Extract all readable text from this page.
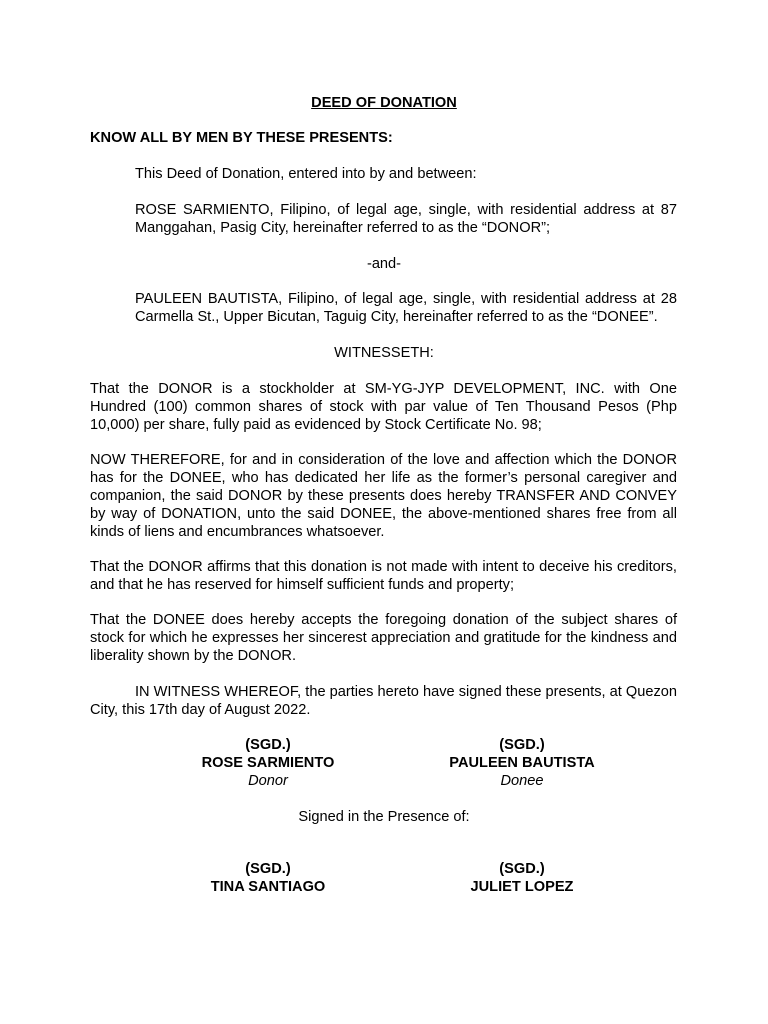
DEED OF DONATION
KNOW ALL BY MEN BY THESE PRESENTS:
This Deed of Donation, entered into by and between:
ROSE SARMIENTO, Filipino, of legal age, single, with residential address at 87 Manggahan, Pasig City, hereinafter referred to as the “DONOR”;
-and-
PAULEEN BAUTISTA, Filipino, of legal age, single, with residential address at 28 Carmella St., Upper Bicutan, Taguig City, hereinafter referred to as the “DONEE”.
WITNESSETH:
That the DONOR is a stockholder at SM-YG-JYP DEVELOPMENT, INC. with One Hundred (100) common shares of stock with par value of Ten Thousand Pesos (Php 10,000) per share, fully paid as evidenced by Stock Certificate No. 98;
NOW THEREFORE, for and in consideration of the love and affection which the DONOR has for the DONEE, who has dedicated her life as the former’s personal caregiver and companion, the said DONOR by these presents does hereby TRANSFER AND CONVEY by way of DONATION, unto the said DONEE, the above-mentioned shares free from all kinds of liens and encumbrances whatsoever.
That the DONOR affirms that this donation is not made with intent to deceive his creditors, and that he has reserved for himself sufficient funds and property;
That the DONEE does hereby accepts the foregoing donation of the subject shares of stock for which he expresses her sincerest appreciation and gratitude for the kindness and liberality shown by the DONOR.
IN WITNESS WHEREOF, the parties hereto have signed these presents, at Quezon City, this 17th day of August 2022.
(SGD.)
ROSE SARMIENTO
Donor
(SGD.)
PAULEEN BAUTISTA
Donee
Signed in the Presence of:
(SGD.)
TINA SANTIAGO
(SGD.)
JULIET LOPEZ
